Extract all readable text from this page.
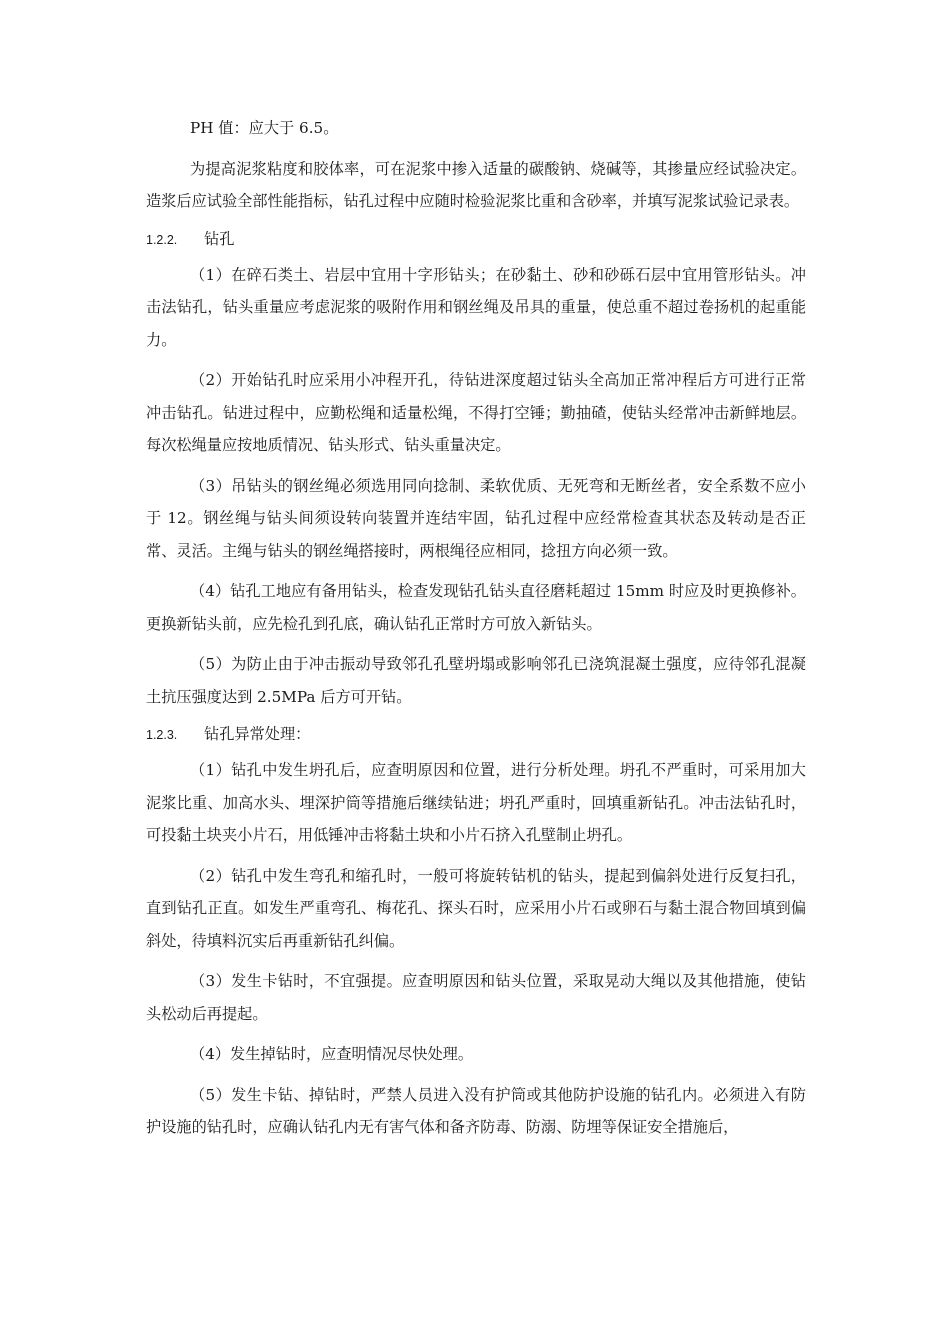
PH 值：应大于 6.5。

为提高泥浆粘度和胶体率，可在泥浆中掺入适量的碳酸钠、烧碱等，其掺量应经试验决定。造浆后应试验全部性能指标，钻孔过程中应随时检验泥浆比重和含砂率，并填写泥浆试验记录表。

1.2.2.	钻孔

（1）在碎石类土、岩层中宜用十字形钻头；在砂黏土、砂和砂砾石层中宜用管形钻头。冲击法钻孔，钻头重量应考虑泥浆的吸附作用和钢丝绳及吊具的重量，使总重不超过卷扬机的起重能力。

（2）开始钻孔时应采用小冲程开孔，待钻进深度超过钻头全高加正常冲程后方可进行正常冲击钻孔。钻进过程中，应勤松绳和适量松绳，不得打空锤；勤抽碴，使钻头经常冲击新鲜地层。每次松绳量应按地质情况、钻头形式、钻头重量决定。

（3）吊钻头的钢丝绳必须选用同向捻制、柔软优质、无死弯和无断丝者，安全系数不应小于 12。钢丝绳与钻头间须设转向装置并连结牢固，钻孔过程中应经常检查其状态及转动是否正常、灵活。主绳与钻头的钢丝绳搭接时，两根绳径应相同，捻扭方向必须一致。

（4）钻孔工地应有备用钻头，检查发现钻孔钻头直径磨耗超过 15mm 时应及时更换修补。更换新钻头前，应先检孔到孔底，确认钻孔正常时方可放入新钻头。

（5）为防止由于冲击振动导致邻孔孔壁坍塌或影响邻孔已浇筑混凝土强度，应待邻孔混凝土抗压强度达到 2.5MPa 后方可开钻。

1.2.3.	钻孔异常处理：

（1）钻孔中发生坍孔后，应查明原因和位置，进行分析处理。坍孔不严重时，可采用加大泥浆比重、加高水头、埋深护筒等措施后继续钻进；坍孔严重时，回填重新钻孔。冲击法钻孔时，可投黏土块夹小片石，用低锤冲击将黏土块和小片石挤入孔壁制止坍孔。

（2）钻孔中发生弯孔和缩孔时，一般可将旋转钻机的钻头，提起到偏斜处进行反复扫孔，直到钻孔正直。如发生严重弯孔、梅花孔、探头石时，应采用小片石或卵石与黏土混合物回填到偏斜处，待填料沉实后再重新钻孔纠偏。

（3）发生卡钻时，不宜强提。应查明原因和钻头位置，采取晃动大绳以及其他措施，使钻头松动后再提起。

（4）发生掉钻时，应查明情况尽快处理。

（5）发生卡钻、掉钻时，严禁人员进入没有护筒或其他防护设施的钻孔内。必须进入有防护设施的钻孔时，应确认钻孔内无有害气体和备齐防毒、防溺、防埋等保证安全措施后，
